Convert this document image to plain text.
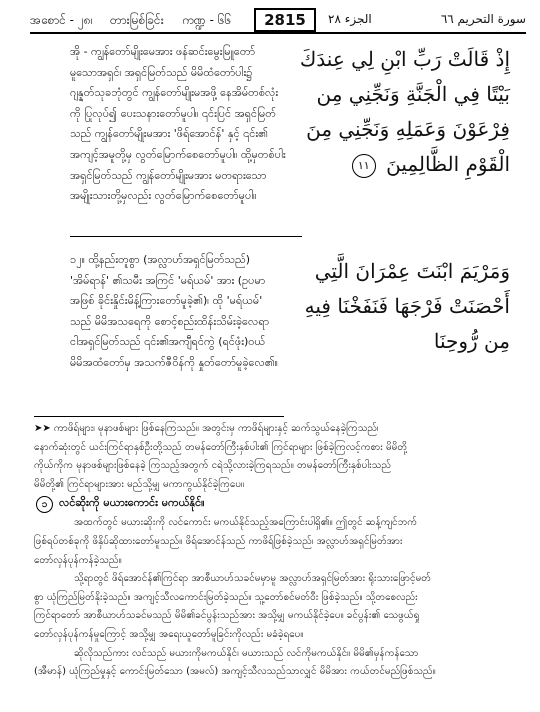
အစောင် - ၂၈၊ တားမြစ်ခြင်း ကဏ္ဍ - ၆၆	2815	الجزء ٢٨	سورة التحريم ٦٦
အို - ကျွန်တော်မျိုးမေအား ဖန်ဆင်းမွေးမြူတော်
မူသောအရှင်၊ အရှင်မြတ်သည် မိမိထံတော်ပါး၌
ဂျန္နတ်သုခဘုံတွင် ကျွန်တော်မျိုးမအဖို့ နေအိမ်တစ်လုံး
ကို ပြုလုပ်၍ ပေးသနားတော်မူပါ။ ၎င်းပြင် အရှင်မြတ်
သည် ကျွန်တော်မျိုးမအား 'ဖိရ်အောင်န်' နှင့် ၎င်း၏
အကျင့်အမူတို့မှ လွတ်မြောက်စေတော်မူပါ။ ထို့မှတစ်ပါး
အရှင်မြတ်သည် ကျွန်တော်မျိုးမအား မတရားသော
အမျိုးသားတို့မှလည်း လွတ်မြောက်စေတော်မူပါ။
၁၂။ ထို့နည်းတူစွာ (အလ္လာဟ်အရှင်မြတ်သည်)
'အိမ်ရာန်' ၏သမီး အကြင် 'မရ်ယမ်' အား (ဥပမာ
အဖြစ် ခိုင်းနှိုင်းမိန့်ကြားတော်မူခဲ့၏)၊ ထို 'မရ်ယမ်'
သည် မိမိအသရေကို စောင့်စည်းထိန်းသိမ်းခဲ့လေရာ
ငါအရှင်မြတ်သည် ၎င်း၏အကျီရင်ကွဲ (ရင်ဖုံး)ဝယ်
မိမိအထံတော်မှ အသက်ဇီဝိန်ကို နှုတ်တော်မူခဲ့လေ၏။
إِذْ قَالَتْ رَبِّ ابْنِ لِي عِندَكَ
بَيْتًا فِي الْجَنَّةِ وَنَجِّنِي مِن
فِرْعَوْنَ وَعَمَلِهِ وَنَجِّنِي مِنَ
الْقَوْمِ الظَّالِمِينَ ١١
وَمَرْيَمَ ابْنَتَ عِمْرَانَ الَّتِي
أَحْصَنَتْ فَرْجَهَا فَنَفَخْنَا فِيهِ
مِن رُّوحِنَا
➤➤ ကာဖိရ်များ၊ မုနာဖစ်များ ဖြစ်နေကြသည်။ အတွင်းမှ ကာဖိရ်များနှင့် ဆက်သွယ်နေခဲ့ကြသည်၊
နောက်ဆုံးတွင် ယင်းကြင်ရာနှစ်ဦးတို့သည် တမန်တော်ကြီးနှစ်ပါး၏ ကြင်ရာများ ဖြစ်ခဲ့ကြလင့်ကစား မိမိတို့
ကိုယ်ကိုက မုနာဖစ်များဖြစ်နေခဲ့ ကြသည့်အတွက် ငရဲသို့လားခဲ့ကြရသည်။ တမန်တော်ကြီးနှစ်ပါးသည်
မိမိတို့၏ ကြင်ရာများအား မည်သို့မျှ မကာကွယ်နိုင်ခဲ့ကြပေ။
၁	လင်ဆိုးကို မယားကောင်း မကယ်နိုင်။
အထက်တွင် မယားဆိုးကို လင်ကောင်း မကယ်နိုင်သည့်အကြောင်းပါရှိ၏။ ဤတွင် ဆန့်ကျင်ဘက်
ဖြစ်ရပ်တစ်ခုကို ဖိနှိပ်ဆိုထားတော်မူသည်။ ဖိရ်အောင်န်သည် ကာဖိရ်ဖြစ်ခဲ့သည်၊ အလ္လာဟ်အရှင်မြတ်အား
တော်လှန်ပုန်ကန်ခဲ့သည်။
သို့ရာတွင် ဖိရ်အောင်န်၏ကြင်ရာ အာစီယာဟ်သခင်မမှာမူ အလ္လာဟ်အရှင်မြတ်အား ရိုးသားဖြောင့်မတ်
စွာ ယုံကြည်မြတ်နိုးခဲ့သည်။ အကျင့်သီလကောင်းမြတ်ခဲ့သည်။ သူ့တော်စင်မတ်ဝီး ဖြစ်ခဲ့သည်။ သို့တစေလည်း
ကြင်ရာတော် အာစီယာဟ်သခင်မသည် မိမိ၏ခင်ပွန်းသည်အား အသို့မျှ မကယ်နိုင်ခဲ့ပေ။ ခင်ပွန်း၏ သေဖွယ်ရှု
တော်လှန်ပုန်ကန်မှုကြောင့် အသို့မျှ အရေးယူတော်မူခြင်းကိုလည်း မခံခဲ့ရပေ။
ဆိုလိုသည်ကား လင်သည် မယားကိုမကယ်နိုင်၊ မယားသည် လင်ကိုမကယ်နိုင်။ မိမိ၏မှန်ကန်သော
(အီမာန်) ယုံကြည်မှုနှင့် ကောင်းမြတ်သော (အမလ်) အကျင့်သီလသည်သာလျှင် မိမိအား ကယ်တင်မည်ဖြစ်သည်။
